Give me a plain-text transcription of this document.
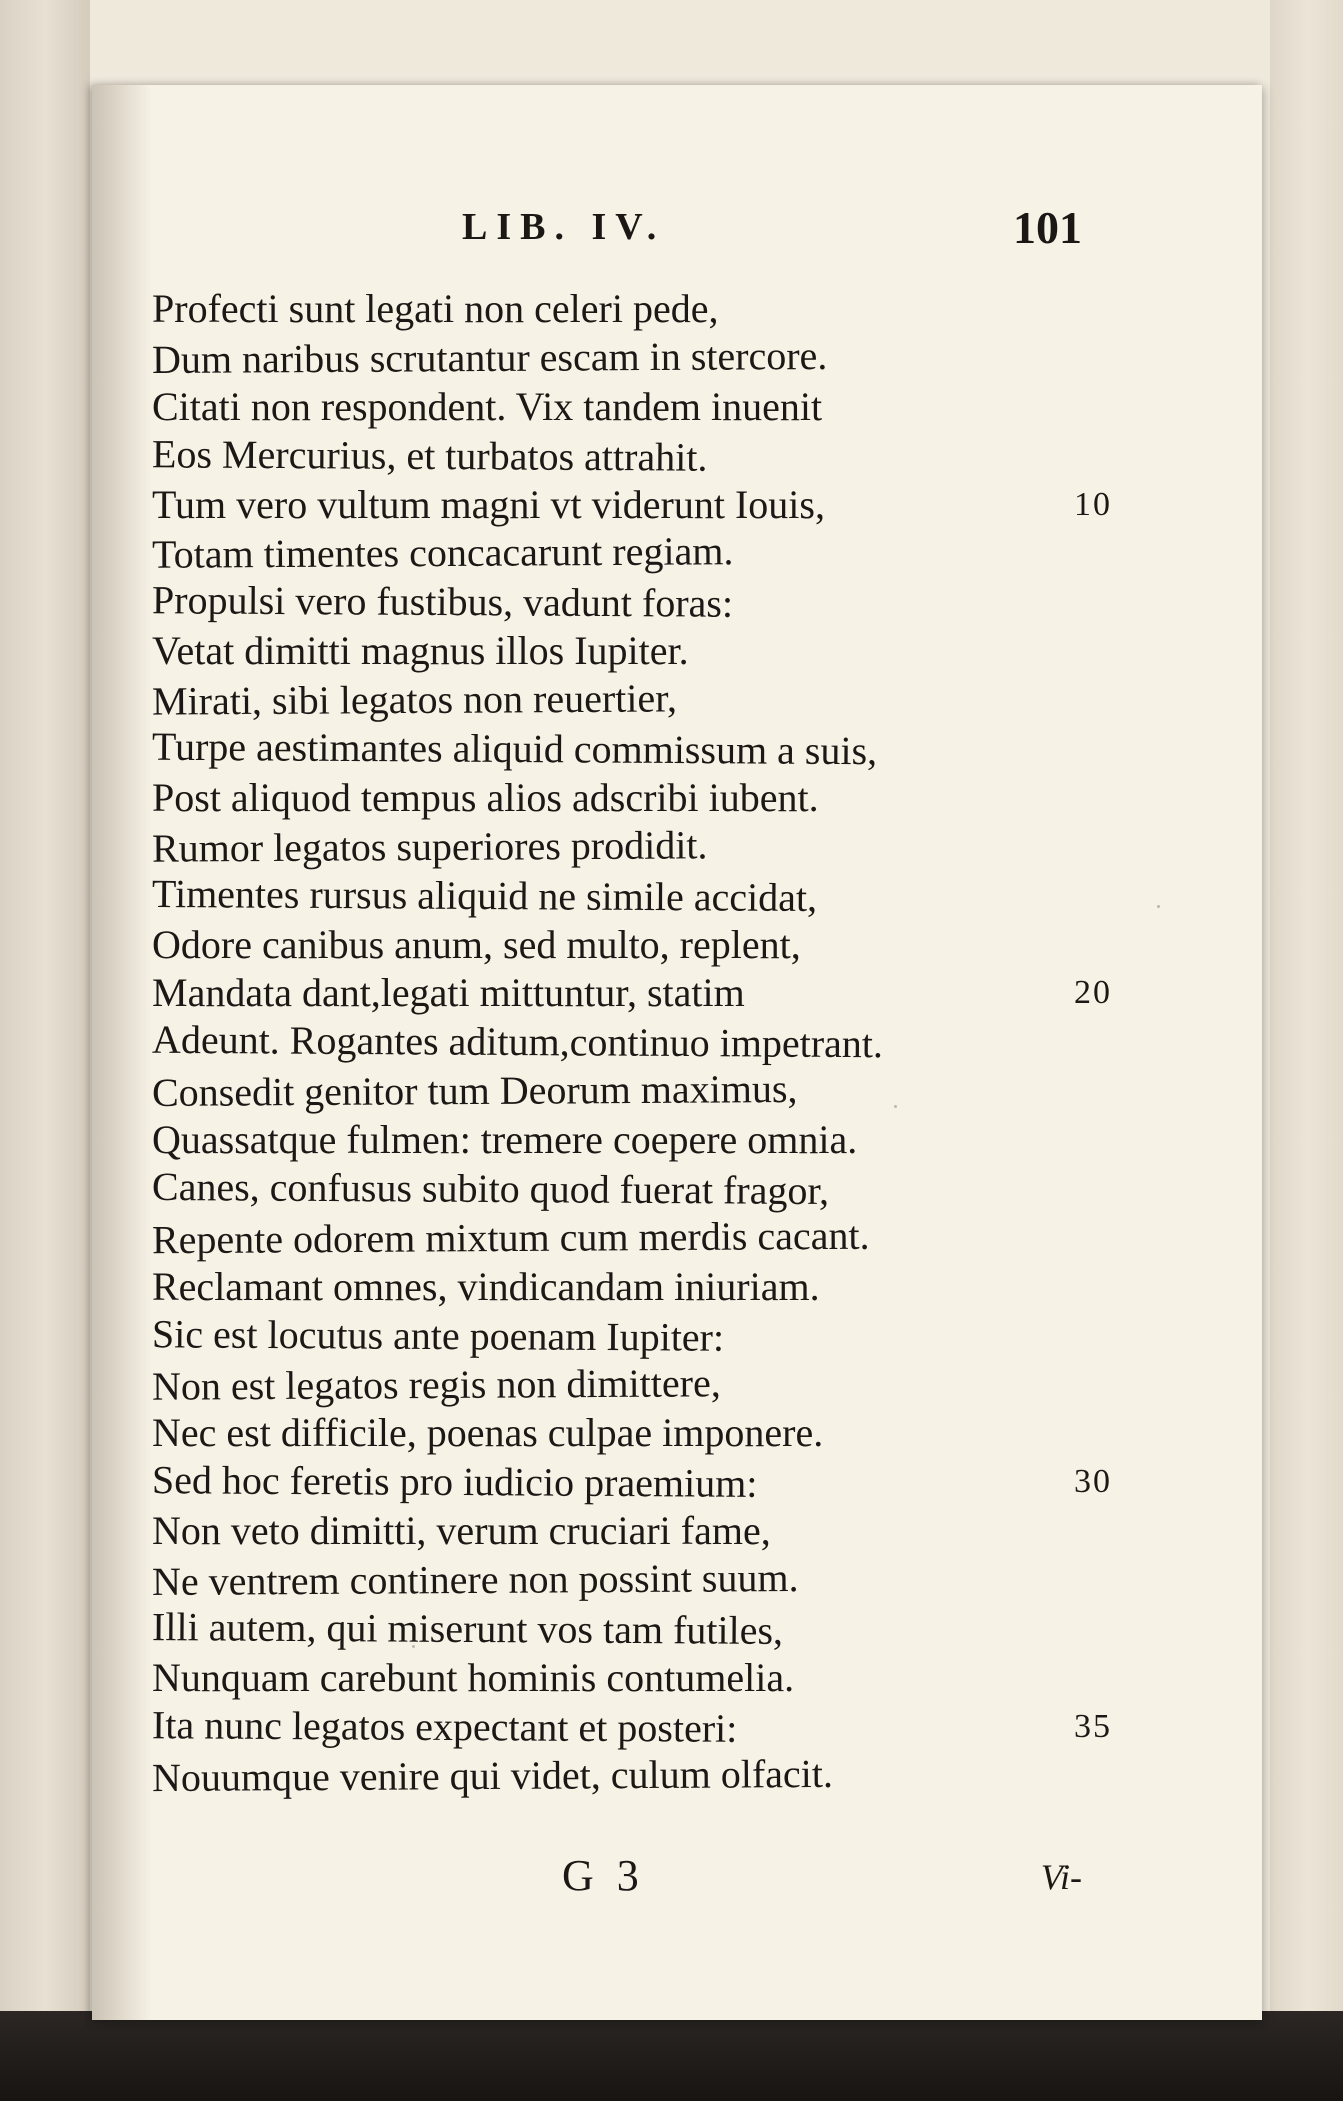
LIB. IV.	101
Profecti sunt legati non celeri pede,
Dum naribus scrutantur escam in stercore.
Citati non respondent. Vix tandem inuenit
Eos Mercurius, et turbatos attrahit.
Tum vero vultum magni vt viderunt Iouis,	10
Totam timentes concacarunt regiam.
Propulsi vero fustibus, vadunt foras:
Vetat dimitti magnus illos Iupiter.
Mirati, sibi legatos non reuertier,
Turpe aestimantes aliquid commissum a suis,
Post aliquod tempus alios adscribi iubent.
Rumor legatos superiores prodidit.
Timentes rursus aliquid ne simile accidat,
Odore canibus anum, sed multo, replent,
Mandata dant,legati mittuntur, statim	20
Adeunt. Rogantes aditum,continuo impetrant.
Consedit genitor tum Deorum maximus,
Quassatque fulmen: tremere coepere omnia.
Canes, confusus subito quod fuerat fragor,
Repente odorem mixtum cum merdis cacant.
Reclamant omnes, vindicandam iniuriam.
Sic est locutus ante poenam Iupiter:
Non est legatos regis non dimittere,
Nec est difficile, poenas culpae imponere.
Sed hoc feretis pro iudicio praemium:	30
Non veto dimitti, verum cruciari fame,
Ne ventrem continere non possint suum.
Illi autem, qui miserunt vos tam futiles,
Nunquam carebunt hominis contumelia.
Ita nunc legatos expectant et posteri:	35
Nouumque venire qui videt, culum olfacit.
G 3	Vi-
